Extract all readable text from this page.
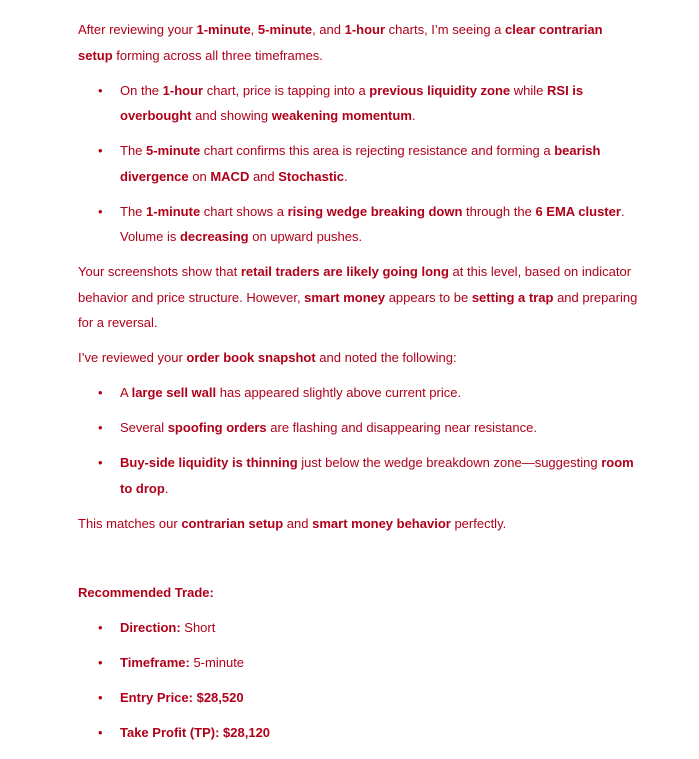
After reviewing your 1-minute, 5-minute, and 1-hour charts, I’m seeing a clear contrarian setup forming across all three timeframes.

• On the 1-hour chart, price is tapping into a previous liquidity zone while RSI is overbought and showing weakening momentum.
• The 5-minute chart confirms this area is rejecting resistance and forming a bearish divergence on MACD and Stochastic.
• The 1-minute chart shows a rising wedge breaking down through the 6 EMA cluster. Volume is decreasing on upward pushes.

Your screenshots show that retail traders are likely going long at this level, based on indicator behavior and price structure. However, smart money appears to be setting a trap and preparing for a reversal.

I’ve reviewed your order book snapshot and noted the following:

• A large sell wall has appeared slightly above current price.
• Several spoofing orders are flashing and disappearing near resistance.
• Buy-side liquidity is thinning just below the wedge breakdown zone—suggesting room to drop.

This matches our contrarian setup and smart money behavior perfectly.

Recommended Trade:

• Direction: Short
• Timeframe: 5-minute
• Entry Price: $28,520
• Take Profit (TP): $28,120
